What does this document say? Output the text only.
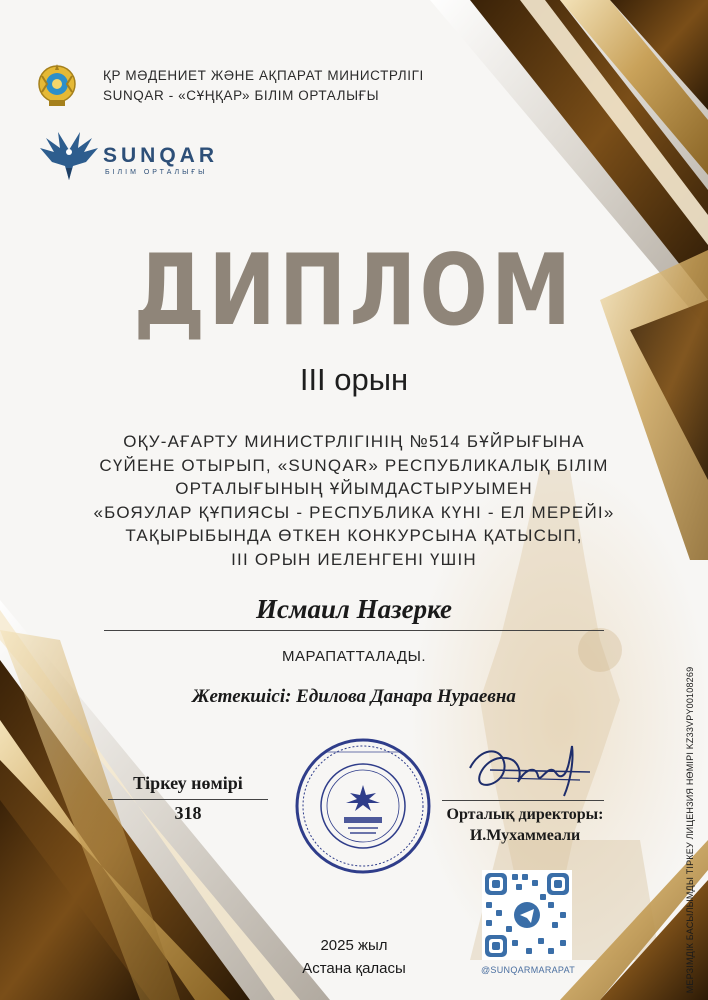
ҚР МӘДЕНИЕТ ЖӘНЕ АҚПАРАТ МИНИСТРЛІГІ
SUNQAR - «СҰҢҚАР» БІЛІМ ОРТАЛЫҒЫ
SUNQAR
БІЛІМ ОРТАЛЫҒЫ
ДИПЛОМ
III орын
ОҚУ-АҒАРТУ МИНИСТРЛІГІНІҢ №514 БҰЙРЫҒЫНА
СҮЙЕНЕ ОТЫРЫП, «SUNQAR» РЕСПУБЛИКАЛЫҚ БІЛІМ
ОРТАЛЫҒЫНЫҢ ҰЙЫМДАСТЫРУЫМЕН
«БОЯУЛАР ҚҰПИЯСЫ - РЕСПУБЛИКА КҮНІ - ЕЛ МЕРЕЙІ»
ТАҚЫРЫБЫНДА ӨТКЕН КОНКУРСЫНА ҚАТЫСЫП,
III ОРЫН ИЕЛЕНГЕНІ ҮШІН
Исмаил Назерке
МАРАПАТТАЛАДЫ.
Жетекшісі: Едилова Данара Нураевна
Тіркеу нөмірі
318	Орталық директоры:
И.Мухаммеали
@SUNQARMARAPAT
2025 жыл
Астана қаласы	МЕРЗІМДІК БАСЫЛЫМДЫ ТІРКЕУ ЛИЦЕНЗИЯ НӨМІРІ KZ33VPY00108269
